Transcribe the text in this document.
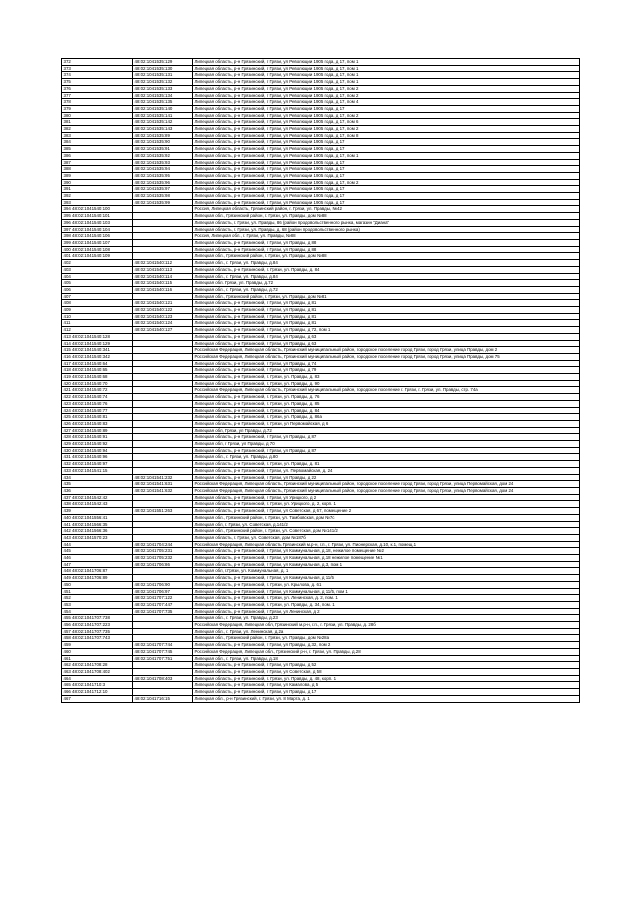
372	48:02:1041535:129	Липецкая область, р-н Грязинский, г Грязи, ул Революции 1905 года, д 17, пом 1
373	48:02:1041535:130	Липецкая область, р-н Грязинский, г Грязи, ул Революции 1905 года, д 17, пом 1
374	48:02:1041535:131	Липецкая область, р-н Грязинский, г Грязи, ул Революции 1905 года, д 17, пом 1
375	48:02:1041535:132	Липецкая область, р-н Грязинский, г Грязи, ул Революции 1905 года, д 17, пом 1
376	48:02:1041535:133	Липецкая область, р-н Грязинский, г Грязи, ул Революции 1905 года, д 17, пом 2
377	48:02:1041535:134	Липецкая область, р-н Грязинский, г Грязи, ул Революции 1905 года, д 17, пом 2
378	48:02:1041535:135	Липецкая область, р-н Грязинский, г Грязи, ул Революции 1905 года, д 17, пом 4
379	48:02:1041535:140	Липецкая область, р-н Грязинский, г Грязи, ул Революции 1905 года, д 17
380	48:02:1041535:141	Липецкая область, р-н Грязинский, г Грязи, ул Революции 1905 года, д 17, пом 2
381	48:02:1041535:142	Липецкая область, р-н Грязинский, г Грязи, ул Революции 1905 года, д 17, пом 6
382	48:02:1041535:143	Липецкая область, р-н Грязинский, г Грязи, ул Революции 1905 года, д 17, пом 2
383	48:02:1041535:89	Липецкая область, р-н Грязинский, г Грязи, ул Революции 1905 года, д 17, пом 8
384	48:02:1041535:90	Липецкая область, р-н Грязинский, г Грязи, ул Революции 1905 года, д 17
385	48:02:1041535:91	Липецкая область, р-н Грязинский, г Грязи, ул Революции 1905 года, д 17
386	48:02:1041535:92	Липецкая область, р-н Грязинский, г Грязи, ул Революции 1905 года, д 17, пом 1
387	48:02:1041535:93	Липецкая область, р-н Грязинский, г Грязи, ул Революции 1905 года, д 17
388	48:02:1041535:94	Липецкая область, р-н Грязинский, г Грязи, ул Революции 1905 года, д 17
389	48:02:1041535:95	Липецкая область, р-н Грязинский, г Грязи, ул Революции 1905 года, д 17
390	48:02:1041535:96	Липецкая область, р-н Грязинский, г Грязи, ул Революции 1905 года, д 17, пом 2
391	48:02:1041535:97	Липецкая область, р-н Грязинский, г Грязи, ул Революции 1905 года, д 17
392	48:02:1041535:98	Липецкая область, р-н Грязинский, г Грязи, ул Революции 1905 года, д 17
393	48:02:1041535:99	Липецкая область, р-н Грязинский, г Грязи, ул Революции 1905 года, д 17
394 48:02:1041540:100		Россия, Липецкая область, Грязинский район, г. Грязи, ул. Правды, №42
395 48:02:1041540:101		Липецкая обл., Грязинский район, г. Грязи, ул. Правды, дом №88
396 48:02:1041540:103		Липецкая область, г. Грязи, ул. Правды, 86 (район продовольственного рынка, магазин "Диана"
397 48:02:1041540:104		Липецкая область, г. Грязи, ул. Правды, д. 68 (район продовольственного рынка)
398 48:02:1041540:106		Россия, Липецкая обл., г. Грязи, ул. Правды, №88
399 48:02:1041540:107		Липецкая область, р-н Грязинский, г Грязи, ул Правды, д 88
400 48:02:1041540:108		Липецкая область, р-н Грязинский, г Грязи, ул Правды, д 88
401 48:02:1041540:109		Липецкая обл., Грязинский район, г. Грязи, ул. Правды, дом №88
402	48:02:1041540:112	Липецкая обл., г. Грязи, ул. Правды, д.84
403	48:02:1041540:113	Липецкая область, р-н Грязинский, г. Грязи, ул. Правды, д. 84
404	48:02:1041540:114	Липецкая обл., г. Грязи, ул. Правды, д.84
405	48:02:1041540:115	Липецкая обл. Грязи, ул. Правды, д.72
406	48:02:1041540:116	Липецкая обл., г. Грязи, ул. Правды, д.72
407		Липецкая обл., Грязинский район, г. Грязи, ул. Правды, дом №81
408	48:02:1041540:121	Липецкая область, р-н Грязинский, г Грязи, ул Правды, д 81
409	48:02:1041540:122	Липецкая область, р-н Грязинский, г Грязи, ул Правды, д 81
410	48:02:1041540:123	Липецкая область, р-н Грязинский, г Грязи, ул Правды, д 81
411	48:02:1041540:124	Липецкая область, р-н Грязинский, г Грязи, ул Правды, д 81
412	48:02:1041540:127	Липецкая область, р-н Грязинский, г Грязи, ул Правды, д 72, пом 1
413 48:02:1041540:128		Липецкая область, р-н Грязинский, г Грязи, ул Правды, д 63
414 48:02:1041540:129		Липецкая область, р-н Грязинский, г Грязи, ул Правды, д 63
415 48:02:1041540:341		Российская Федерация, Липецкая область, Грязинский муниципальный район, городское поселение город Грязи, город Грязи, улица Правды, дом 2
416 48:02:1041540:342		Российская Федерация, Липецкая область, Грязинский муниципальный район, городское поселение город Грязи, город Грязи, улица Правды, дом 75
417 48:02:1041540:64		Липецкая область, р-н Грязинский, г Грязи, ул Правды, д 74
418 48:02:1041540:65		Липецкая область, р-н Грязинский, г Грязи, ул Правды, д 79
419 48:02:1041540:68		Липецкая область, р-н Грязинский, г. Грязи, ул. Правды, д. 83
420 48:02:1041540:70		Липецкая область, р-н Грязинский, г. Грязи, ул. Правды, д. 90
421 48:02:1041540:72		Российская Федерация, Липецкая область, Грязинский муниципальный район, городское поселение г. Грязи, г. Грязи, ул. Правды, стр. 74а
422 48:02:1041540:74		Липецкая область, р-н Грязинский, г. Грязи, ул. Правды, д. 76
423 48:02:1041540:76		Липецкая область, р-н Грязинский, г. Грязи, ул. Правды, д. 85
424 48:02:1041540:77		Липецкая область, р-н Грязинский, г. Грязи, ул. Правды, д. 84
425 48:02:1041540:81		Липецкая область, р-н Грязинский, г. Грязи, ул. Правды, д. 86а
426 48:02:1041540:83		Липецкая область, р-н Грязинский, г. Грязи, ул Первомайская, д 6
427 48:02:1041540:89		Липецкая обл, Грязи, ул Правды, д.72
428 48:02:1041540:91		Липецкая область, р-н Грязинский, г Грязи, ул Правды, д 87
429 48:02:1041540:92		Липецкая обл, г Грязи, ул Правды, д 70
430 48:02:1041540:94		Липецкая область, р-н Грязинский, г Грязи, ул Правды, д 87
431 48:02:1041540:96		Липецкая обл., г. Грязи, ул. Правды, д.80
432 48:02:1041540:97		Липецкая область, р-н Грязинский, г. Грязи, ул. Правды, д. 81
433 48:02:1041541:15		Липецкая область, р-н Грязинский, г Грязи, ул. Первомайская, д. 24
434	48:02:1041541:232	Липецкая область, р-н Грязинский, г Грязи, ул Правды, д 22
435	48:02:1041541:631	Российская Федерация, Липецкая область, Грязинский муниципальный район, городское поселение город Грязи, город Грязи, улица Первомайская, дом 24
436	48:02:1041541:632	Российская Федерация, Липецкая область, Грязинский муниципальный район, городское поселение город Грязи, город Грязи, улица Первомайская, дом 24
437 48:02:1041542:42		Липецкая область, р-н Грязинский, г Грязи, ул Урицкого, д 2
438 48:02:1041542:43		Липецкая область, р-н Грязинский, г. Грязи, ул. Урицкого, д. 2, корп. 1
439	48:02:1041551:263	Липецкая область, р-н Грязинский, г Грязи, ул Советская, д 67, помещение 2
440 48:02:1041556:41		Липецкая обл., Грязинский район, г. Грязи, ул. Тамбовская, дом №7с
441 48:02:1041566:35		Липецкая обл, г. Грязи, ул. Советская, д.141/2
442 48:02:1041566:36		Липецкая обл., Грязинский район, г. Грязи, ул. Советская, дом №141/2
443 48:02:1041570:23		Липецкая область, г. Грязи, ул. Советская, дом №187б
444	48:02:1041704:244	Российская Федерация, Липецкая область Грязинский м.р-н, г.п., г. Грязи, ул. Пионерская, д.10, к.1, помещ.1
445	48:02:1041705:231	Липецкая область, р-н Грязинский, г Грязи, ул Коммунальная, д.18, нежилое помещение №2
446	48:02:1041705:232	Липецкая область, р-н Грязинский, г Грязи, ул Коммунальная, д.18 нежилое помещение №1
447	48:02:1041706:86	Липецкая область, р-н Грязинский, г Грязи, ул Коммунальная, д.3, пом 1
448 48:02:1041706:87		Липецкая обл, г.Грязи, ул. Коммунальная, д. 1
449 48:02:1041706:89		Липецкая область, р-н Грязинский, г Грязи, ул Коммунальная, д 11/5
450	48:02:1041706:90	Липецкая область, р-н Грязинский, г. Грязи, ул. Крылова, д. 61
451	48:02:1041706:97	Липецкая область, р-н Грязинский, г Грязи, ул Коммунальная, д 11/5, пом 1
452	48:02:1041707:122	Липецкая область, р-н Грязинский, г. Грязи, ул. Ленинская, д. 2, пом. 1
453	48:02:1041707:447	Липецкая область, р-н Грязинский, г. Грязи, ул. Правды, д. 34, пом. 1
454	48:02:1041707:735	Липецкая область, р-н Грязинский, г Грязи, ул Ленинская, д 2
455 48:02:1041707:738		Липецкая обл., г. Грязи, ул. Правды, д.23
456 48:02:1041707:223		Российская Федерация, Липецкая обл, Грязинский м.р-н, г.п., г. Грязи, ул. Правды, д. 28б
457 48:02:1041707:735		Липецкая обл., г. Грязи, ул. Ленинская, д.2а
458 48:02:1041707:743		Липецкая обл., Грязинский район, г. Грязи, ул. Правды, дом №28а
459	48:02:1041707:744	Липецкая область, р-н Грязинский, г Грязи, ул Правды, д.32, пом 2
460	48:02:1041707:745	Российская Федерация, Липецкая обл., Грязинский р-н, г. Грязи, ул. Правды, д.28
461	48:02:1041707:751	Липецкая обл., г. Грязи, ул. Правды, д.18
462 48:02:1041708:28		Липецкая область, р-н Грязинский, г Грязи, ул Правды, д 52
463 48:02:1041708:402		Липецкая область, р-н Грязинский, г Грязи, ул Советская, д 58
464	48:02:1041708:403	Липецкая область, р-н Грязинский, г. Грязи, ул. Правды, д. 48, корп. 1
465 48:02:1041710:3		Липецкая область, р-н Грязинский, г Грязи, ул Камалова, д 5
466 48:02:1041712:10		Липецкая область, р-н Грязинский, г Грязи, ул Правды, д 17
467	48:02:1041716:15	Липецкая обл., р-н Грязинский, г. Грязи, ул. 8 Марта, д. 1
